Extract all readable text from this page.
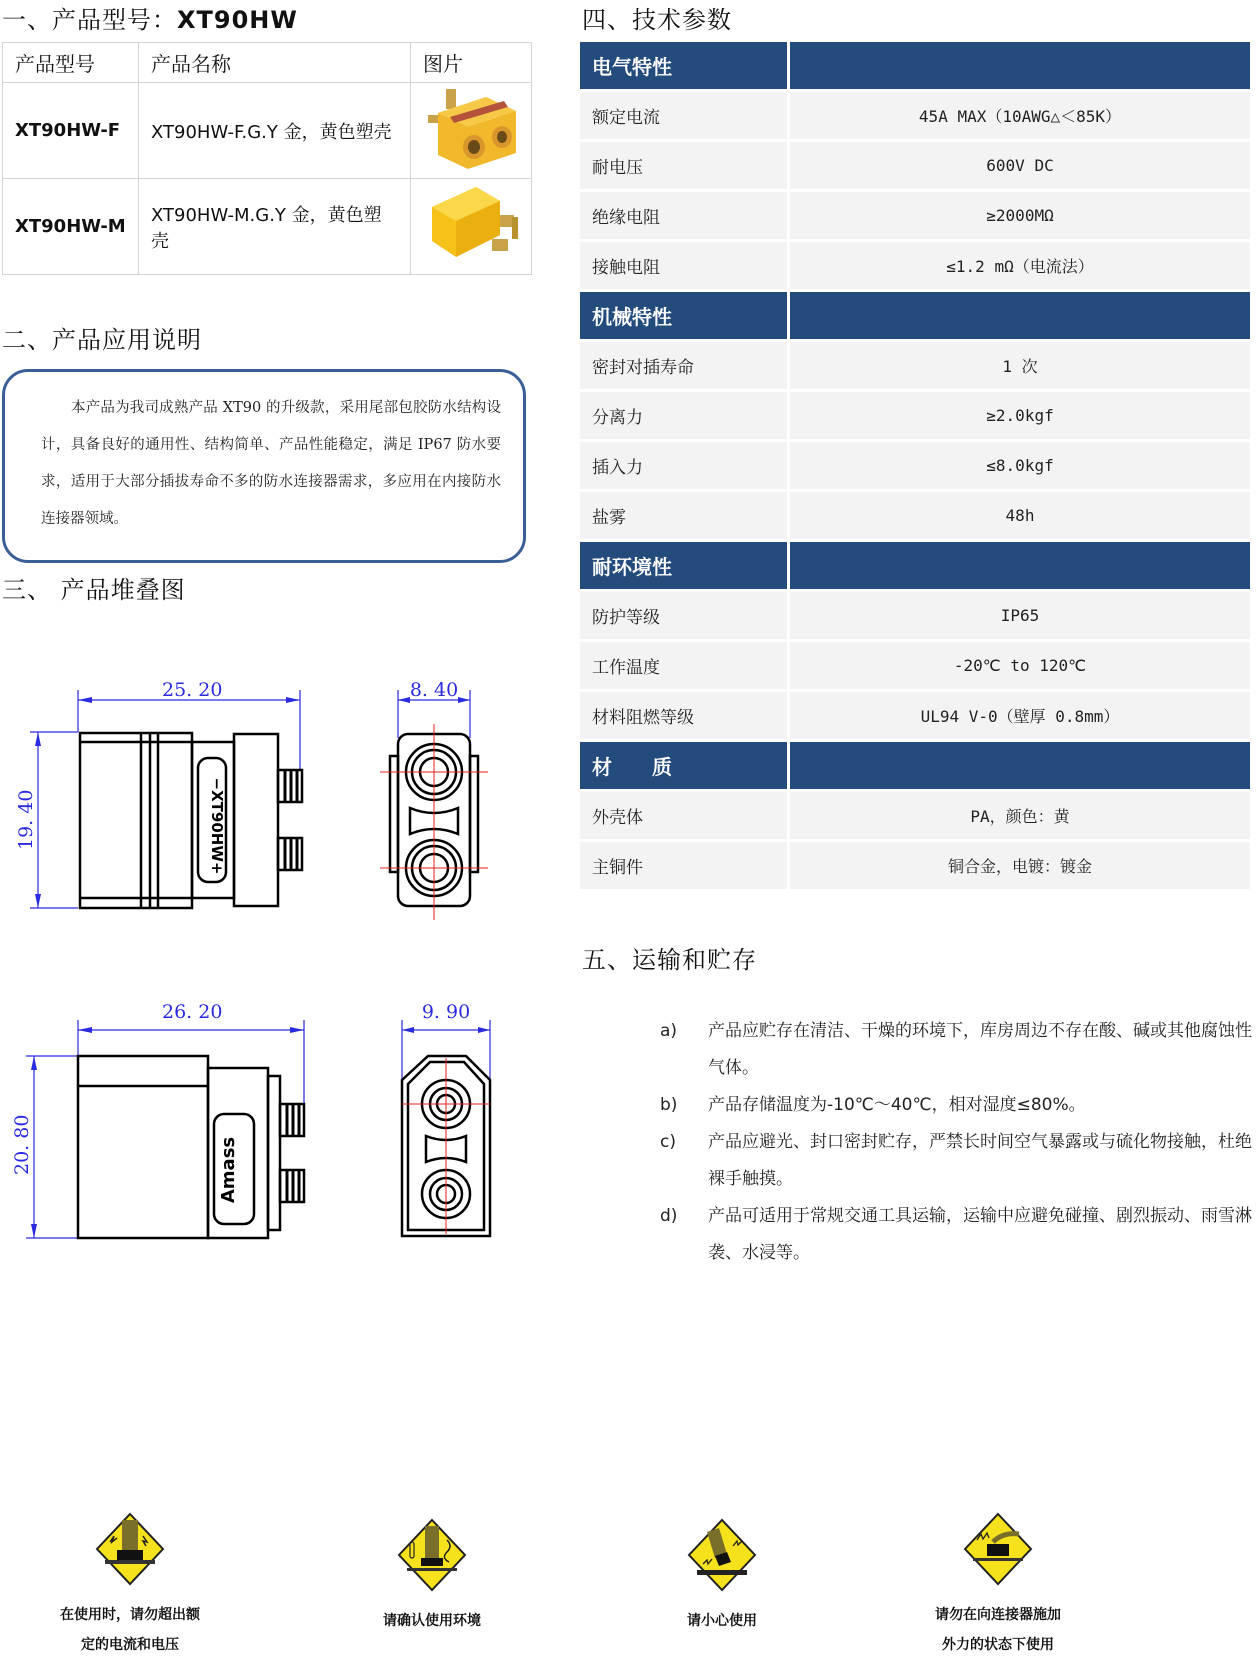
一、产品型号：XT90HW
产品型号	产品名称	图片
XT90HW-F	XT90HW-F.G.Y 金，黄色塑壳	
XT90HW-M	XT90HW-M.G.Y 金，黄色塑壳	
二、产品应用说明
本产品为我司成熟产品 XT90 的升级款，采用尾部包胶防水结构设计，具备良好的通用性、结构简单、产品性能稳定，满足 IP67 防水要求，适用于大部分插拔寿命不多的防水连接器需求，多应用在内接防水连接器领域。
三、 产品堆叠图
25. 20
19. 40	−XT90HW+
8. 40
26. 20
20. 80	Amass
9. 90
四、技术参数
电气特性
额定电流	45A MAX（10AWG△＜85K）
耐电压	600V DC
绝缘电阻	≥2000MΩ
接触电阻	≤1.2 mΩ（电流法）
机械特性
密封对插寿命	1 次
分离力	≥2.0kgf
插入力	≤8.0kgf
盐雾	48h
耐环境性
防护等级	IP65
工作温度	-20℃ to 120℃
材料阻燃等级	UL94 V-0（壁厚 0.8mm）
材　　质
外壳体	PA，颜色：黄
主铜件	铜合金，电镀：镀金
五、运输和贮存
a)	产品应贮存在清洁、干燥的环境下，库房周边不存在酸、碱或其他腐蚀性气体。
b)	产品存储温度为-10℃～40℃，相对湿度≤80%。
c)	产品应避光、封口密封贮存，严禁长时间空气暴露或与硫化物接触，杜绝裸手触摸。
d)	产品可适用于常规交通工具运输，运输中应避免碰撞、剧烈振动、雨雪淋袭、水浸等。
在使用时，请勿超出额
定的电流和电压
请确认使用环境	请小心使用	请勿在向连接器施加
外力的状态下使用
